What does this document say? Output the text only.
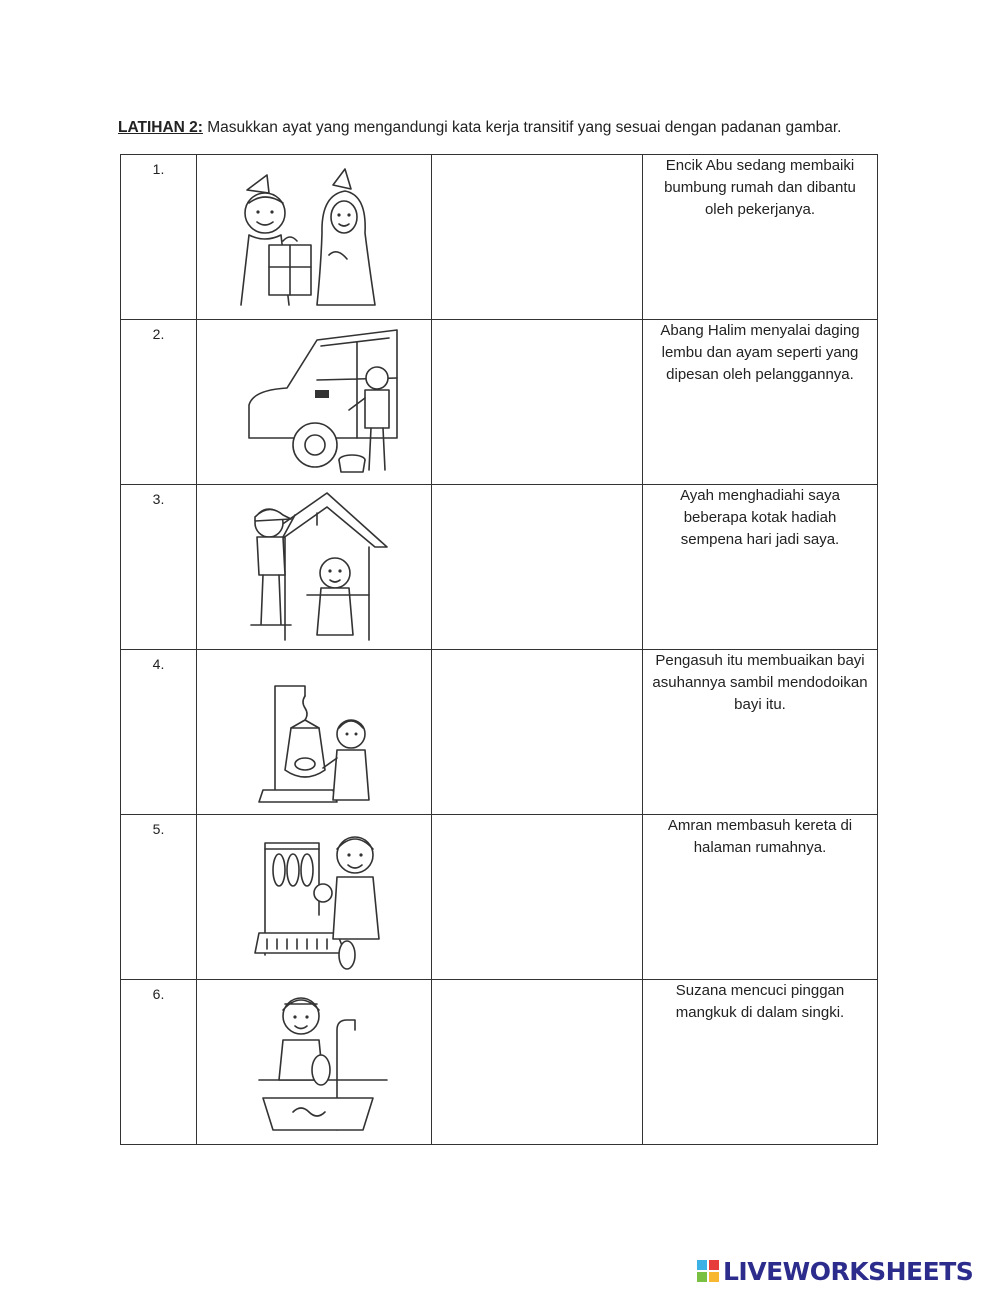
LATIHAN 2: Masukkan ayat yang mengandungi kata kerja transitif yang sesuai dengan padanan gambar.

1.			Encik Abu sedang membaiki bumbung rumah dan dibantu oleh pekerjanya.
2.			Abang Halim menyalai daging lembu dan ayam seperti yang dipesan oleh pelanggannya.
3.			Ayah menghadiahi saya beberapa kotak hadiah sempena hari jadi saya.
4.			Pengasuh itu membuaikan bayi asuhannya sambil mendodoikan bayi itu.
5.			Amran membasuh kereta di halaman rumahnya.
6.			Suzana mencuci pinggan mangkuk di dalam singki.
LIVEWORKSHEETS
